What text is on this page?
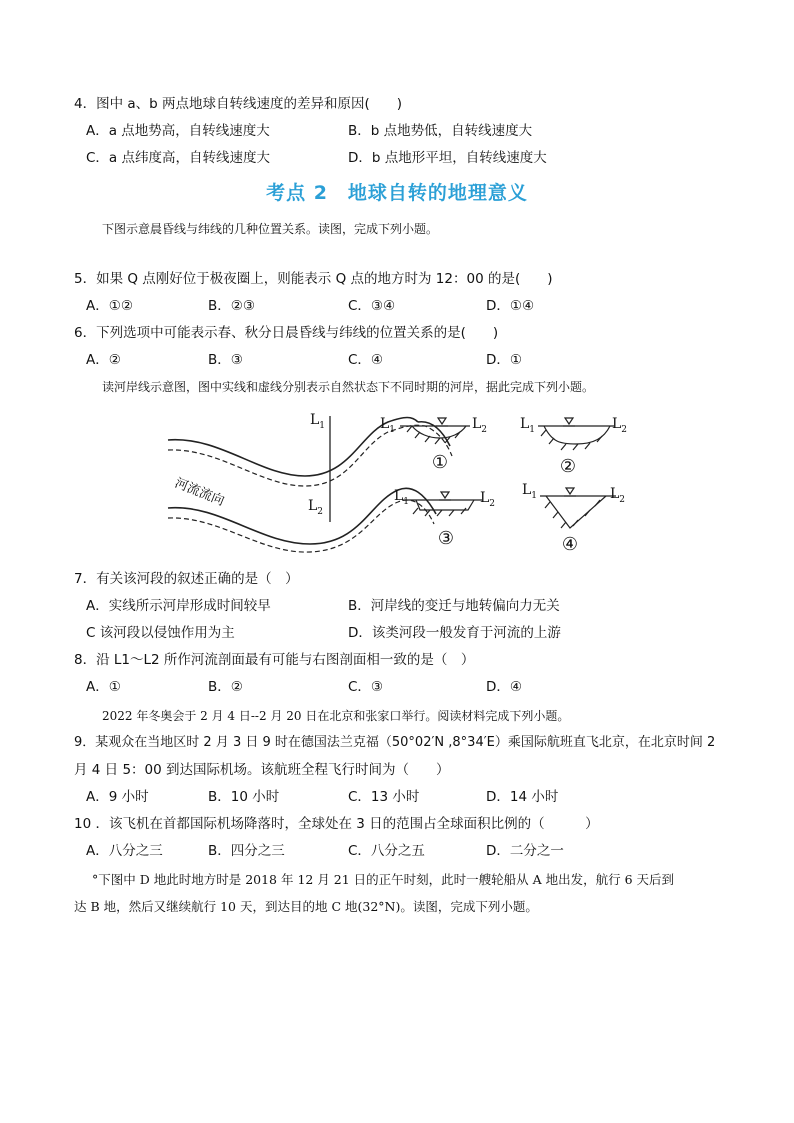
4．图中 a、b 两点地球自转线速度的差异和原因(　　)
A．a 点地势高，自转线速度大	B．b 点地势低，自转线速度大
C．a 点纬度高，自转线速度大	D．b 点地形平坦，自转线速度大
考点 2　地球自转的地理意义
下图示意晨昏线与纬线的几种位置关系。读图，完成下列小题。
5．如果 Q 点刚好位于极夜圈上，则能表示 Q 点的地方时为 12：00 的是(　　)
A．①②	B．②③	C．③④	D．①④
6．下列选项中可能表示春、秋分日晨昏线与纬线的位置关系的是(　　)
A．②	B．③	C．④	D．①
读河岸线示意图，图中实线和虚线分别表示自然状态下不同时期的河岸，据此完成下列小题。
河流流向
$L_1$
$L_2$
$L_1$	$L_2$
①
$L_1$	$L_2$
②
$L_1$	$L_2$
③
$L_1$	$L_2$
④
7．有关该河段的叙述正确的是（　）
A．实线所示河岸形成时间较早	B．河岸线的变迁与地转偏向力无关
C 该河段以侵蚀作用为主	D．该类河段一般发育于河流的上游
8．沿 L1～L2 所作河流剖面最有可能与右图剖面相一致的是（　）
A．①	B．②	C．③	D．④
2022 年冬奥会于 2 月 4 日--2 月 20 日在北京和张家口举行。阅读材料完成下列小题。
9．某观众在当地区时 2 月 3 日 9 时在德国法兰克福（50°02′N ,8°34′E）乘国际航班直飞北京，在北京时间 2
月 4 日 5：00 到达国际机场。该航班全程飞行时间为（　　）
A．9 小时	B．10 小时	C．13 小时	D．14 小时
10 ．该飞机在首都国际机场降落时，全球处在 3 日的范围占全球面积比例的（　　　）
A．八分之三	B．四分之三	C．八分之五	D．二分之一
°下图中 D 地此时地方时是 2018 年 12 月 21 日的正午时刻，此时一艘轮船从 A 地出发，航行 6 天后到
达 B 地，然后又继续航行 10 天，到达目的地 C 地(32°N)。读图，完成下列小题。
